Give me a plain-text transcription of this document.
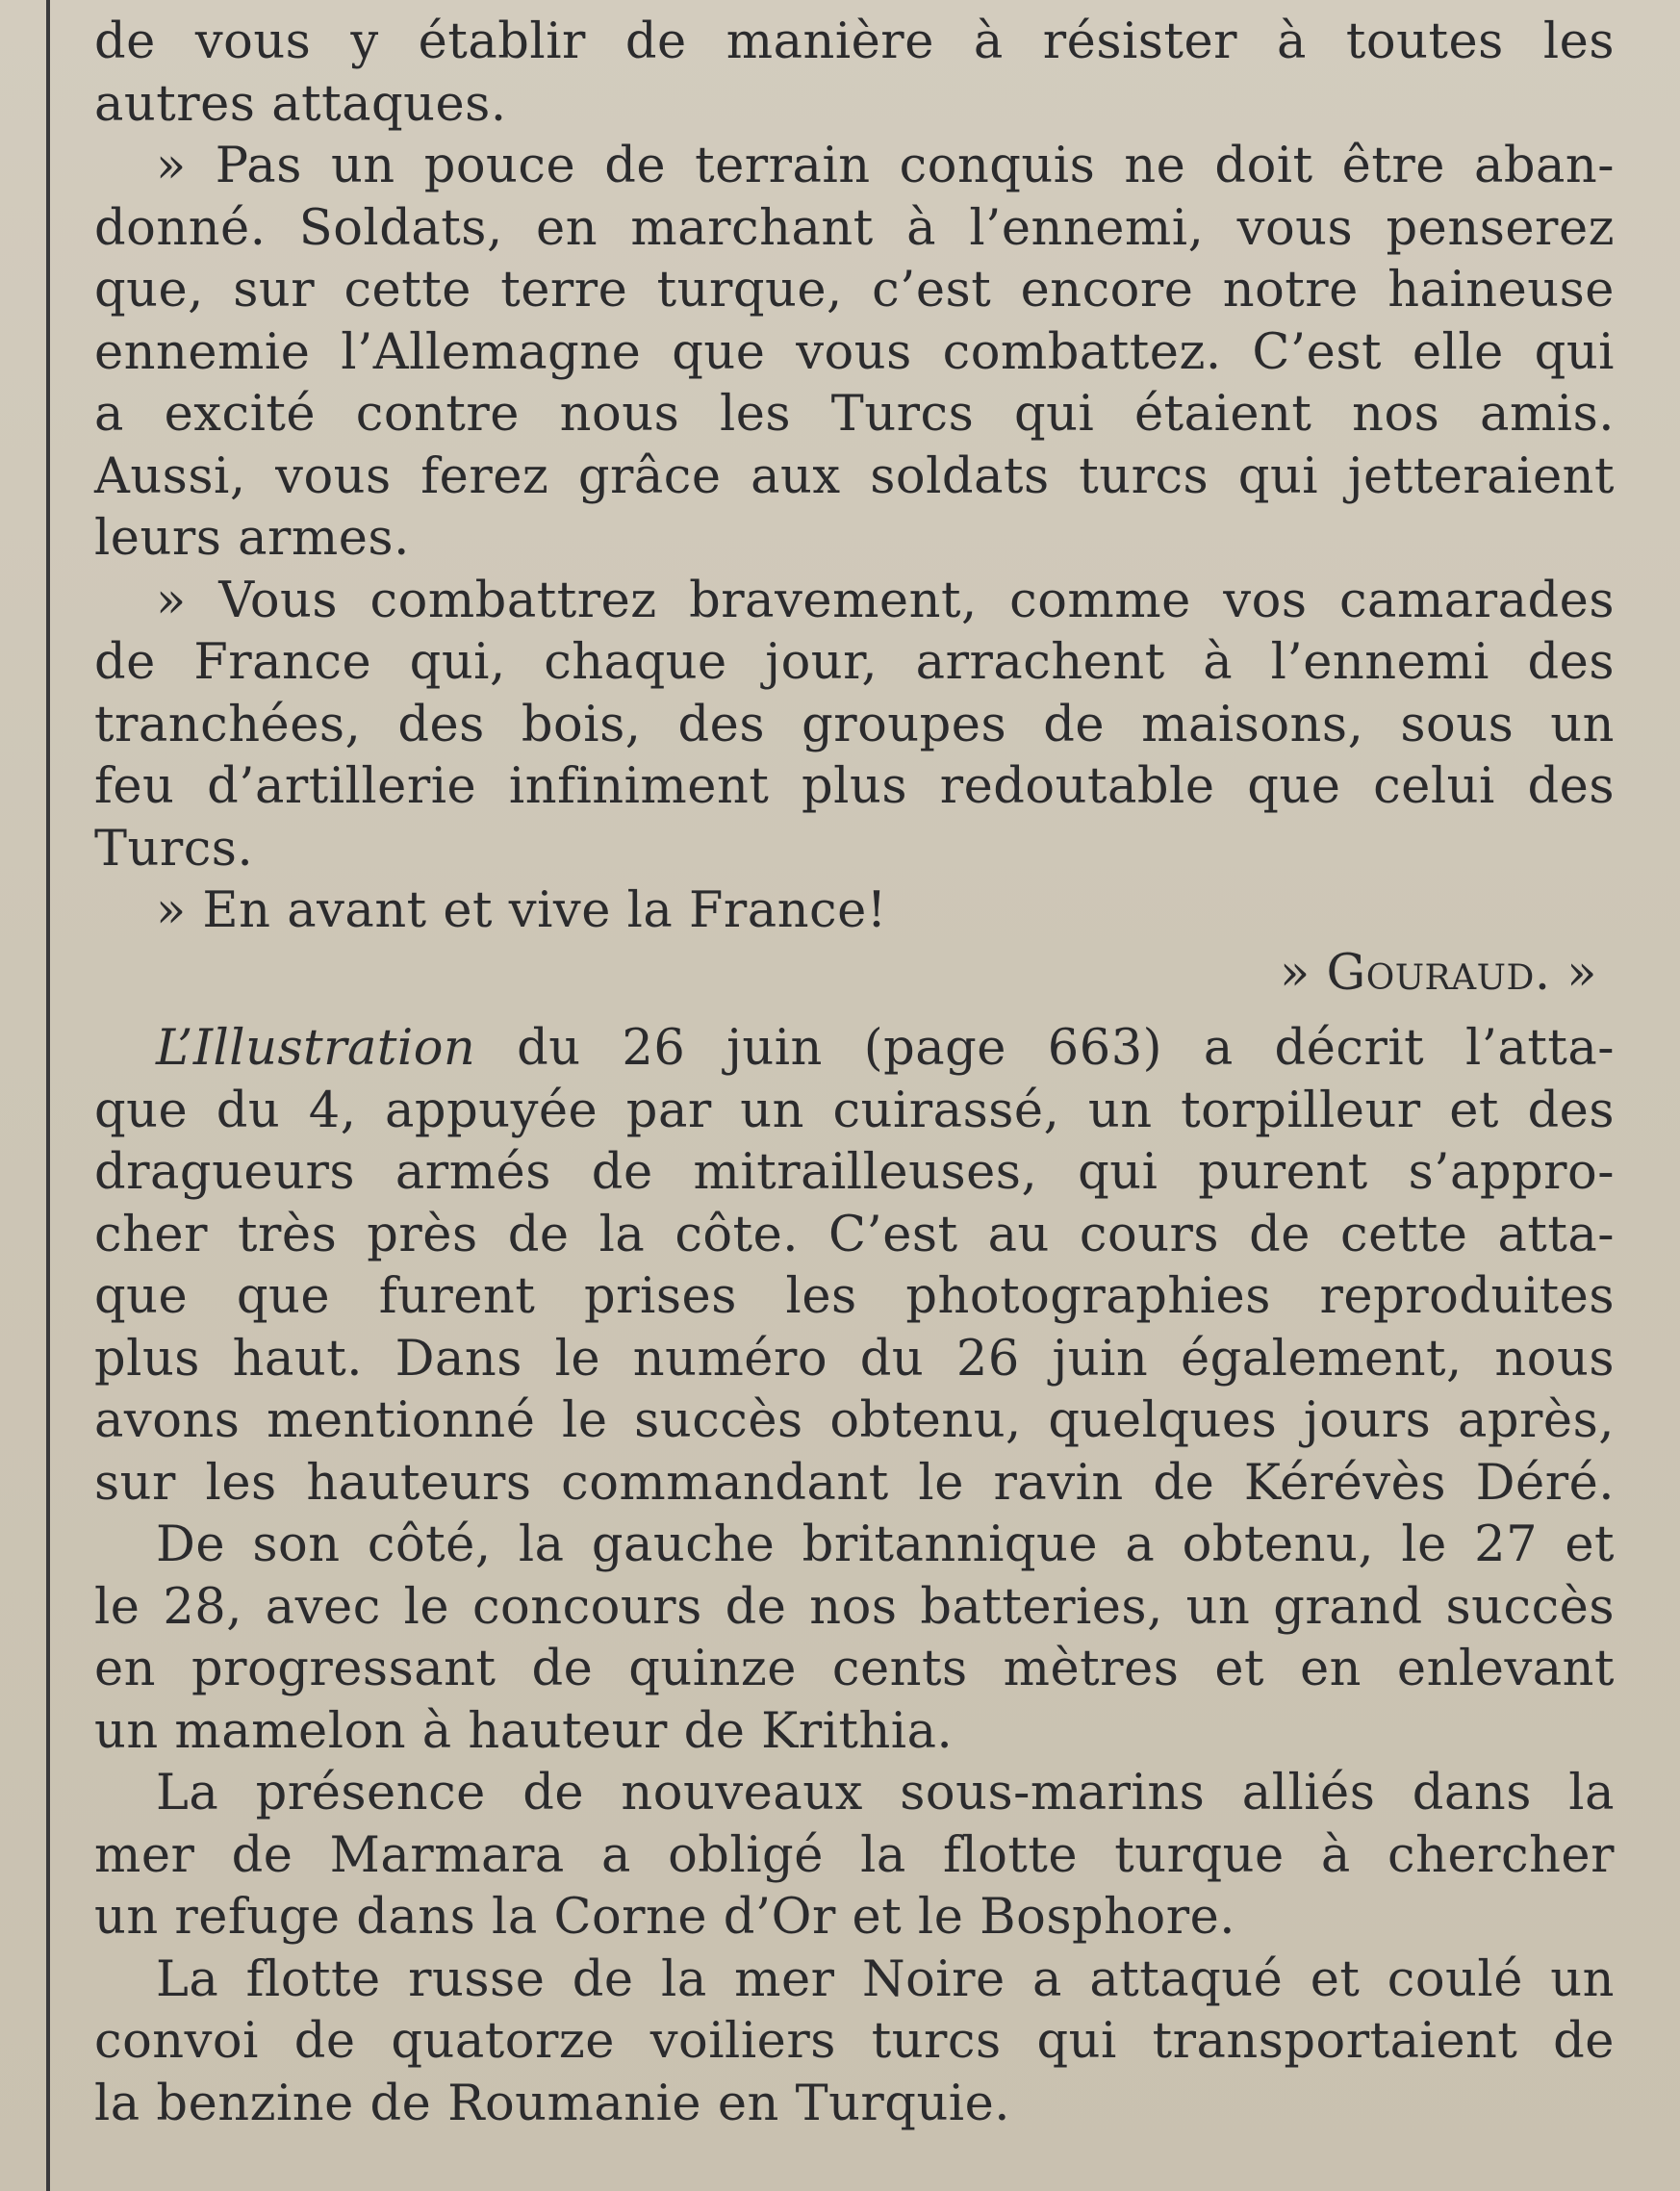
de vous y établir de manière à résister à toutes les
autres attaques.
» Pas un pouce de terrain conquis ne doit être aban-
donné. Soldats, en marchant à l’ennemi, vous penserez
que, sur cette terre turque, c’est encore notre haineuse
ennemie l’Allemagne que vous combattez. C’est elle qui
a excité contre nous les Turcs qui étaient nos amis.
Aussi, vous ferez grâce aux soldats turcs qui jetteraient
leurs armes.
» Vous combattrez bravement, comme vos camarades
de France qui, chaque jour, arrachent à l’ennemi des
tranchées, des bois, des groupes de maisons, sous un
feu d’artillerie infiniment plus redoutable que celui des
Turcs.
» En avant et vive la France!
» Gouraud. »
L’Illustration du 26 juin (page 663) a décrit l’atta-
que du 4, appuyée par un cuirassé, un torpilleur et des
dragueurs armés de mitrailleuses, qui purent s’appro-
cher très près de la côte. C’est au cours de cette atta-
que que furent prises les photographies reproduites
plus haut. Dans le numéro du 26 juin également, nous
avons mentionné le succès obtenu, quelques jours après,
sur les hauteurs commandant le ravin de Kérévès Déré.
De son côté, la gauche britannique a obtenu, le 27 et
le 28, avec le concours de nos batteries, un grand succès
en progressant de quinze cents mètres et en enlevant
un mamelon à hauteur de Krithia.
La présence de nouveaux sous-marins alliés dans la
mer de Marmara a obligé la flotte turque à chercher
un refuge dans la Corne d’Or et le Bosphore.
La flotte russe de la mer Noire a attaqué et coulé un
convoi de quatorze voiliers turcs qui transportaient de
la benzine de Roumanie en Turquie.
